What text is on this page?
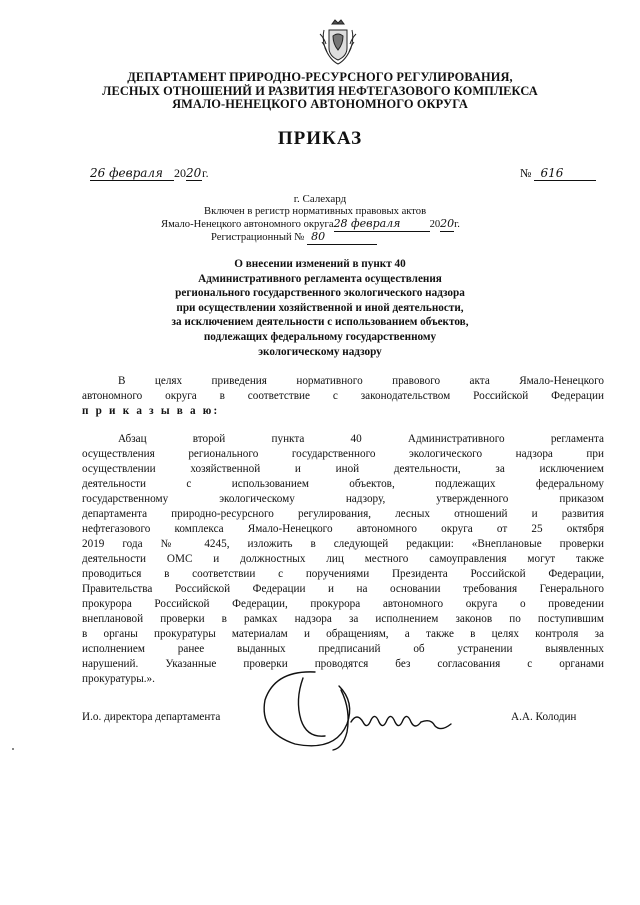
ДЕПАРТАМЕНТ ПРИРОДНО-РЕСУРСНОГО РЕГУЛИРОВАНИЯ,
ЛЕСНЫХ ОТНОШЕНИЙ И РАЗВИТИЯ НЕФТЕГАЗОВОГО КОМПЛЕКСА
ЯМАЛО-НЕНЕЦКОГО АВТОНОМНОГО ОКРУГА
ПРИКАЗ
26 февраля 2020г.	№ 616
г. Салехард
Включен в регистр нормативных правовых актов
Ямало-Ненецкого автономного округа28 февраля	2020г.
Регистрационный № 80
О внесении изменений в пункт 40
Административного регламента осуществления
регионального государственного экологического надзора
при осуществлении хозяйственной и иной деятельности,
за исключением деятельности с использованием объектов,
подлежащих федеральному государственному
экологическому надзору
В целях приведения нормативного правового акта Ямало-Ненецкого
автономного округа в соответствие с законодательством Российской Федерации
п р и к а з ы в а ю:
Абзац второй пункта 40 Административного регламента
осуществления регионального государственного экологического надзора при
осуществлении хозяйственной и иной деятельности, за исключением
деятельности с использованием объектов, подлежащих федеральному
государственному экологическому надзору, утвержденного приказом
департамента природно-ресурсного регулирования, лесных отношений и развития
нефтегазового комплекса Ямало-Ненецкого автономного округа от 25 октября
2019 года № 4245, изложить в следующей редакции: «Внеплановые проверки
деятельности ОМС и должностных лиц местного самоуправления могут также
проводиться в соответствии с поручениями Президента Российской Федерации,
Правительства Российской Федерации и на основании требования Генерального
прокурора Российской Федерации, прокурора автономного округа о проведении
внеплановой проверки в рамках надзора за исполнением законов по поступившим
в органы прокуратуры материалам и обращениям, а также в целях контроля за
исполнением ранее выданных предписаний об устранении выявленных
нарушений. Указанные проверки проводятся без согласования с органами
прокуратуры.».
И.о. директора департамента	А.А. Колодин
